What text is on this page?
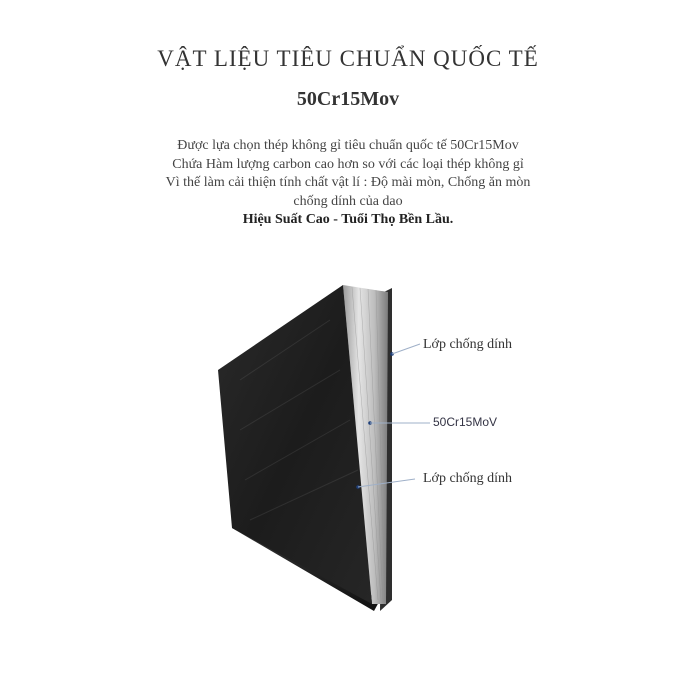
VẬT LIỆU TIÊU CHUẨN QUỐC TẾ
50Cr15Mov
Được lựa chọn thép không gỉ tiêu chuẩn quốc tế 50Cr15Mov
Chứa Hàm lượng carbon cao hơn so với các loại thép không gỉ
Vì thế làm cải thiện tính chất vật lí : Độ mài mòn, Chống ăn mòn
chống dính của dao
Hiệu Suất Cao - Tuổi Thọ Bền Lầu.
Lớp chống dính
50Cr15MoV
Lớp chống dính
